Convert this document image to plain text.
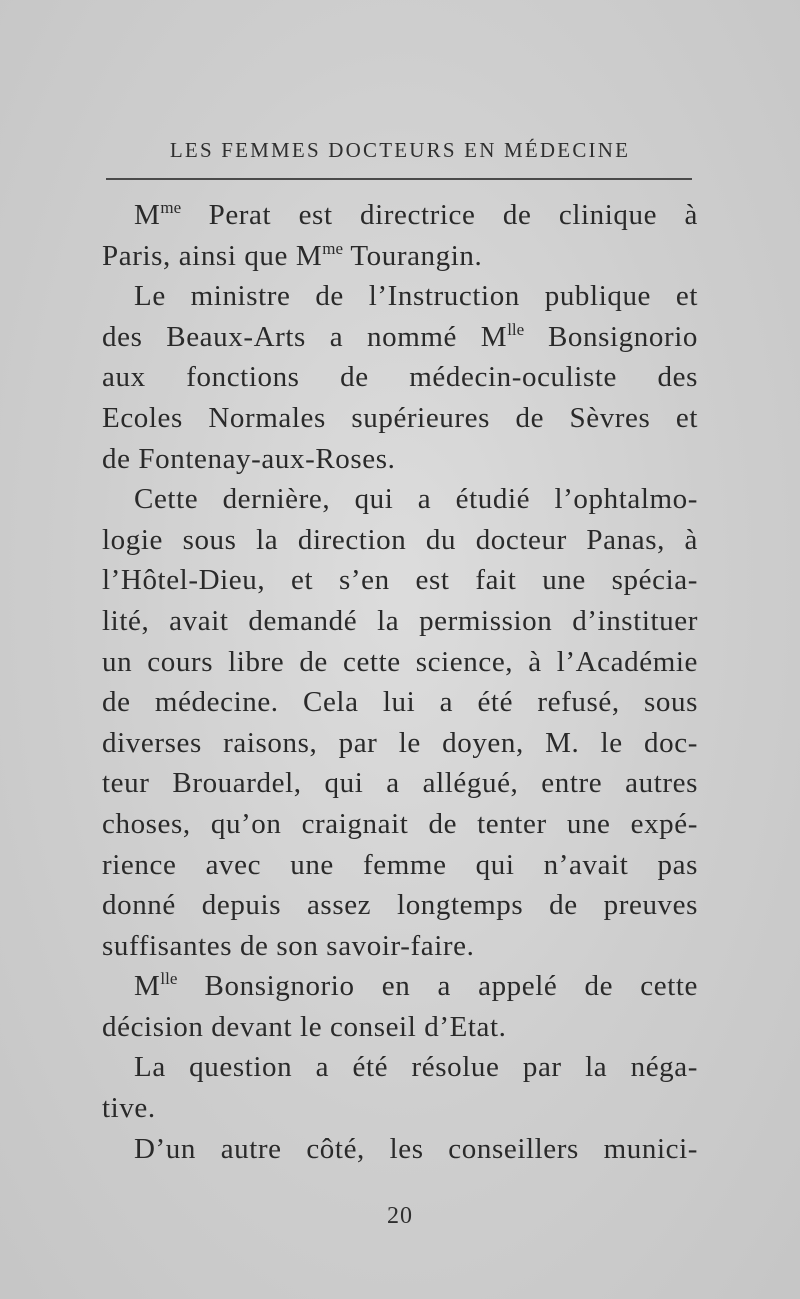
LES FEMMES DOCTEURS EN MÉDECINE
$M^{me}$ Perat est directrice de clinique à
Paris, ainsi que $M^{me}$ Tourangin.
Le ministre de l’Instruction publique et
des Beaux-Arts a nommé $M^{lle}$ Bonsignorio
aux fonctions de médecin-oculiste des
Ecoles Normales supérieures de Sèvres et
de Fontenay-aux-Roses.
Cette dernière, qui a étudié l’ophtalmo-
logie sous la direction du docteur Panas, à
l’Hôtel-Dieu, et s’en est fait une spécia-
lité, avait demandé la permission d’instituer
un cours libre de cette science, à l’Académie
de médecine. Cela lui a été refusé, sous
diverses raisons, par le doyen, M. le doc-
teur Brouardel, qui a allégué, entre autres
choses, qu’on craignait de tenter une expé-
rience avec une femme qui n’avait pas
donné depuis assez longtemps de preuves
suffisantes de son savoir-faire.
$M^{lle}$ Bonsignorio en a appelé de cette
décision devant le conseil d’Etat.
La question a été résolue par la néga-
tive.
D’un autre côté, les conseillers munici-
20
